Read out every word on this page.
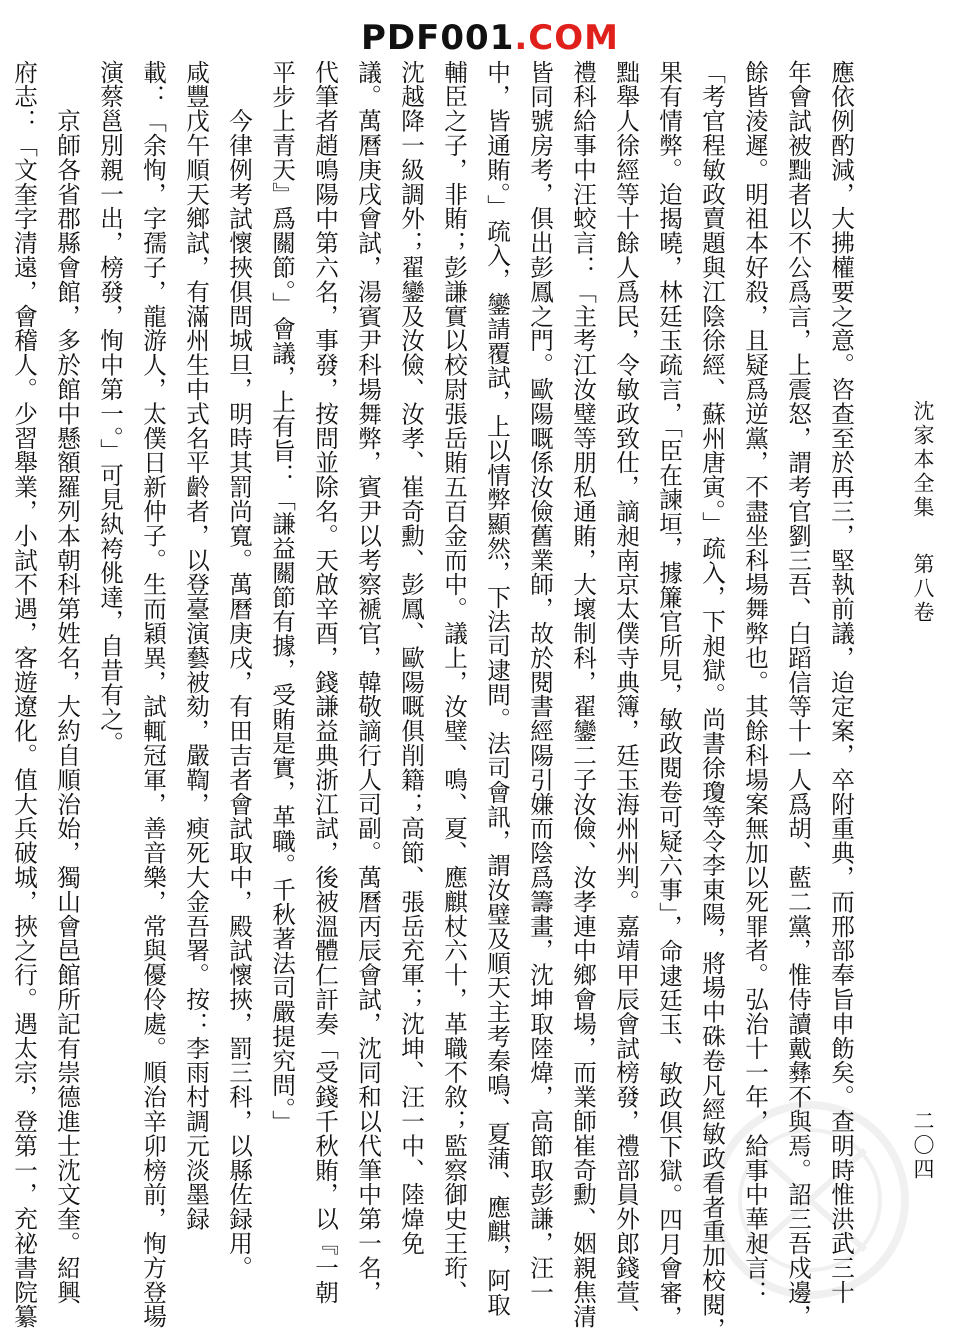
PDF001.COM
沈家本全集  第八卷
二〇四
應依例酌減，大拂權要之意。咨查至於再三，堅執前議，迨定案，卒附重典，而邢部奉旨申飭矣。查明時惟洪武三十
年會試被黜者以不公爲言，上震怒，謂考官劉三吾、白蹈信等十一人爲胡、藍二黨，惟侍讀戴彝不與焉。詔三吾戍邊，
餘皆淩遲。明祖本好殺，且疑爲逆黨，不盡坐科場舞弊也。其餘科場案無加以死罪者。弘治十一年，給事中華昶言：
「考官程敏政賣題與江陰徐經、蘇州唐寅。」疏入，下昶獄。尚書徐瓊等令李東陽，將場中硃卷凡經敏政看者重加校閱，
果有情弊。迨揭曉，林廷玉疏言，「臣在諫垣，據簾官所見，敏政閱卷可疑六事」，命逮廷玉、敏政俱下獄。四月會審，
黜舉人徐經等十餘人爲民，令敏政致仕，謫昶南京太僕寺典簿，廷玉海州州判。嘉靖甲辰會試榜發，禮部員外郎錢萱、
禮科給事中汪蛟言：「主考江汝璧等朋私通賄，大壞制科，翟鑾二子汝儉、汝孝連中鄉會場，而業師崔奇勳、姻親焦清
皆同號房考，俱出彭鳳之門。歐陽嘅係汝儉舊業師，故於閱書經陽引嫌而陰爲籌畫，沈坤取陸煒，高節取彭謙，汪一
中，皆通賄。」疏入，鑾請覆試，上以情弊顯然，下法司逮問。法司會訊，謂汝璧及順天主考秦鳴、夏蒲、應麒，阿取
輔臣之子，非賄；彭謙實以校尉張岳賄五百金而中。議上，汝璧、鳴、夏、應麒杖六十，革職不敘；監察御史王珩、
沈越降一級調外；翟鑾及汝儉、汝孝、崔奇勳、彭鳳、歐陽嘅俱削籍；高節、張岳充軍；沈坤、汪一中、陸煒免
議。萬曆庚戌會試，湯賓尹科場舞弊，賓尹以考察褫官，韓敬謫行人司副。萬曆丙辰會試，沈同和以代筆中第一名，
代筆者趙鳴陽中第六名，事發，按問並除名。天啟辛酉，錢謙益典浙江試，後被溫體仁訐奏「受錢千秋賄，以『一朝
平步上青天』爲關節。」會議，上有旨：「謙益關節有據，受賄是實，革職。千秋著法司嚴提究問。」
　　今律例考試懷挾俱問城旦，明時其罰尚寬。萬曆庚戌，有田吉者會試取中，殿試懷挾，罰三科，以縣佐録用。
咸豐戊午順天鄉試，有滿州生中式名平齡者，以登臺演藝被劾，嚴鞫，瘐死大金吾署。按：李雨村調元淡墨録
載：「余恂，字孺子，龍游人，太僕日新仲子。生而穎異，試輒冠軍，善音樂，常與優伶處。順治辛卯榜前，恂方登場
演蔡邕別親一出，榜發，恂中第一。」可見紈袴佻達，自昔有之。
　　京師各省郡縣會館，多於館中懸額羅列本朝科第姓名，大約自順治始，獨山會邑館所記有崇德進士沈文奎。紹興
府志：「文奎字清遠，會稽人。少習舉業，小試不遇，客遊遼化。值大兵破城，挾之行。遇太宗，登第一，充祕書院纂
